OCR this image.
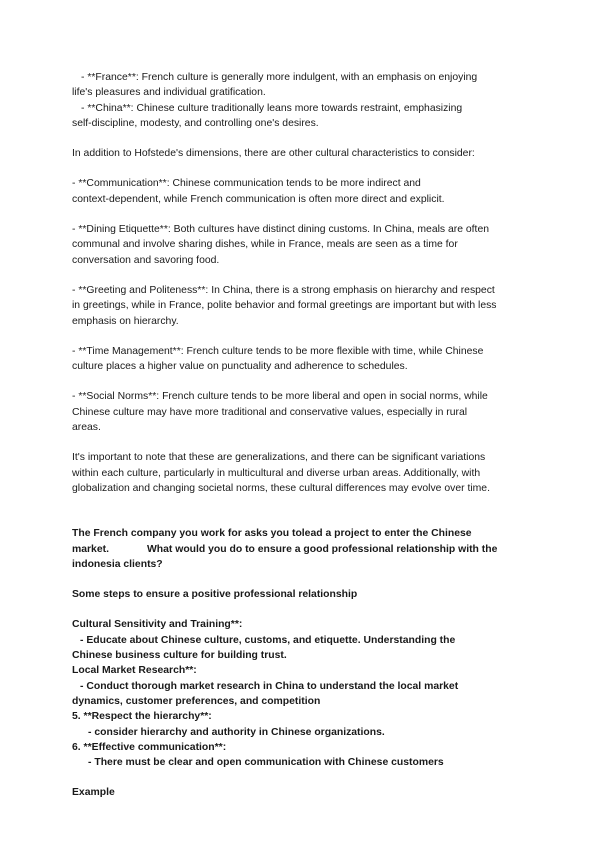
- **France**: French culture is generally more indulgent, with an emphasis on enjoying

life's pleasures and individual gratification.

- **China**: Chinese culture traditionally leans more towards restraint, emphasizing

self-discipline, modesty, and controlling one's desires.

In addition to Hofstede's dimensions, there are other cultural characteristics to consider:

- **Communication**: Chinese communication tends to be more indirect and

context-dependent, while French communication is often more direct and explicit.

- **Dining Etiquette**: Both cultures have distinct dining customs. In China, meals are often

communal and involve sharing dishes, while in France, meals are seen as a time for

conversation and savoring food.

- **Greeting and Politeness**: In China, there is a strong emphasis on hierarchy and respect

in greetings, while in France, polite behavior and formal greetings are important but with less

emphasis on hierarchy.

- **Time Management**: French culture tends to be more flexible with time, while Chinese

culture places a higher value on punctuality and adherence to schedules.

- **Social Norms**: French culture tends to be more liberal and open in social norms, while

Chinese culture may have more traditional and conservative values, especially in rural

areas.

It's important to note that these are generalizations, and there can be significant variations

within each culture, particularly in multicultural and diverse urban areas. Additionally, with

globalization and changing societal norms, these cultural differences may evolve over time.

The French company you work for asks you tolead a project to enter the Chinese

market.	What would you do to ensure a good professional relationship with the

indonesia clients?

Some steps to ensure a positive professional relationship

Cultural Sensitivity and Training**:

- Educate about Chinese culture, customs, and etiquette. Understanding the

Chinese business culture for building trust.

Local Market Research**:

- Conduct thorough market research in China to understand the local market

dynamics, customer preferences, and competition

5. **Respect the hierarchy**:

- consider hierarchy and authority in Chinese organizations.

6. **Effective communication**:

- There must be clear and open communication with Chinese customers

Example
